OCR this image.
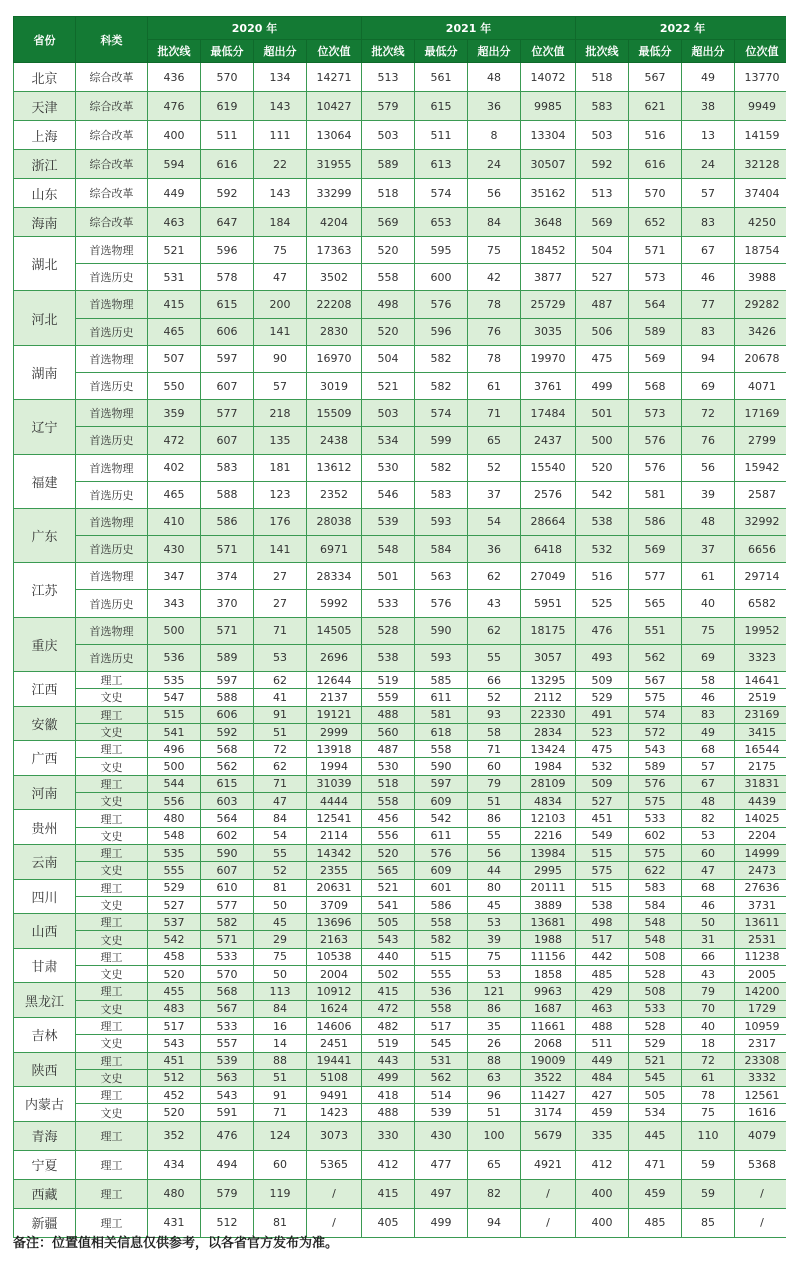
省份	科类	2020 年				2021 年				2022 年			
		批次线	最低分	超出分	位次值	批次线	最低分	超出分	位次值	批次线	最低分	超出分	位次值
北京	综合改革	436	570	134	14271	513	561	48	14072	518	567	49	13770
天津	综合改革	476	619	143	10427	579	615	36	9985	583	621	38	9949
上海	综合改革	400	511	111	13064	503	511	8	13304	503	516	13	14159
浙江	综合改革	594	616	22	31955	589	613	24	30507	592	616	24	32128
山东	综合改革	449	592	143	33299	518	574	56	35162	513	570	57	37404
海南	综合改革	463	647	184	4204	569	653	84	3648	569	652	83	4250
湖北	首选物理	521	596	75	17363	520	595	75	18452	504	571	67	18754
	首选历史	531	578	47	3502	558	600	42	3877	527	573	46	3988
河北	首选物理	415	615	200	22208	498	576	78	25729	487	564	77	29282
	首选历史	465	606	141	2830	520	596	76	3035	506	589	83	3426
湖南	首选物理	507	597	90	16970	504	582	78	19970	475	569	94	20678
	首选历史	550	607	57	3019	521	582	61	3761	499	568	69	4071
辽宁	首选物理	359	577	218	15509	503	574	71	17484	501	573	72	17169
	首选历史	472	607	135	2438	534	599	65	2437	500	576	76	2799
福建	首选物理	402	583	181	13612	530	582	52	15540	520	576	56	15942
	首选历史	465	588	123	2352	546	583	37	2576	542	581	39	2587
广东	首选物理	410	586	176	28038	539	593	54	28664	538	586	48	32992
	首选历史	430	571	141	6971	548	584	36	6418	532	569	37	6656
江苏	首选物理	347	374	27	28334	501	563	62	27049	516	577	61	29714
	首选历史	343	370	27	5992	533	576	43	5951	525	565	40	6582
重庆	首选物理	500	571	71	14505	528	590	62	18175	476	551	75	19952
	首选历史	536	589	53	2696	538	593	55	3057	493	562	69	3323
江西	理工	535	597	62	12644	519	585	66	13295	509	567	58	14641
	文史	547	588	41	2137	559	611	52	2112	529	575	46	2519
安徽	理工	515	606	91	19121	488	581	93	22330	491	574	83	23169
	文史	541	592	51	2999	560	618	58	2834	523	572	49	3415
广西	理工	496	568	72	13918	487	558	71	13424	475	543	68	16544
	文史	500	562	62	1994	530	590	60	1984	532	589	57	2175
河南	理工	544	615	71	31039	518	597	79	28109	509	576	67	31831
	文史	556	603	47	4444	558	609	51	4834	527	575	48	4439
贵州	理工	480	564	84	12541	456	542	86	12103	451	533	82	14025
	文史	548	602	54	2114	556	611	55	2216	549	602	53	2204
云南	理工	535	590	55	14342	520	576	56	13984	515	575	60	14999
	文史	555	607	52	2355	565	609	44	2995	575	622	47	2473
四川	理工	529	610	81	20631	521	601	80	20111	515	583	68	27636
	文史	527	577	50	3709	541	586	45	3889	538	584	46	3731
山西	理工	537	582	45	13696	505	558	53	13681	498	548	50	13611
	文史	542	571	29	2163	543	582	39	1988	517	548	31	2531
甘肃	理工	458	533	75	10538	440	515	75	11156	442	508	66	11238
	文史	520	570	50	2004	502	555	53	1858	485	528	43	2005
黑龙江	理工	455	568	113	10912	415	536	121	9963	429	508	79	14200
	文史	483	567	84	1624	472	558	86	1687	463	533	70	1729
吉林	理工	517	533	16	14606	482	517	35	11661	488	528	40	10959
	文史	543	557	14	2451	519	545	26	2068	511	529	18	2317
陕西	理工	451	539	88	19441	443	531	88	19009	449	521	72	23308
	文史	512	563	51	5108	499	562	63	3522	484	545	61	3332
内蒙古	理工	452	543	91	9491	418	514	96	11427	427	505	78	12561
	文史	520	591	71	1423	488	539	51	3174	459	534	75	1616
青海	理工	352	476	124	3073	330	430	100	5679	335	445	110	4079
宁夏	理工	434	494	60	5365	412	477	65	4921	412	471	59	5368
西藏	理工	480	579	119	/	415	497	82	/	400	459	59	/
新疆	理工	431	512	81	/	405	499	94	/	400	485	85	/
备注：位置值相关信息仅供参考，以各省官方发布为准。
